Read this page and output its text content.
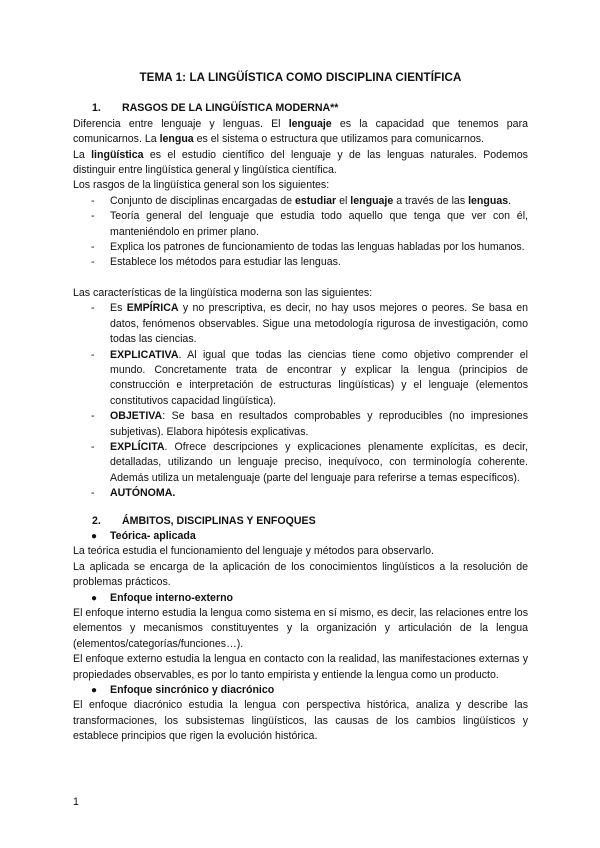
TEMA 1: LA LINGÜÍSTICA COMO DISCIPLINA CIENTÍFICA
1.	RASGOS DE LA LINGÜÍSTICA MODERNA**

Diferencia entre lenguaje y lenguas. El lenguaje es la capacidad que tenemos para comunicarnos. La lengua es el sistema o estructura que utilizamos para comunicarnos.

La lingüística es el estudio científico del lenguaje y de las lenguas naturales. Podemos distinguir entre lingüística general y lingüística científica.

Los rasgos de la lingüística general son los siguientes:

- Conjunto de disciplinas encargadas de estudiar el lenguaje a través de las lenguas.
- Teoría general del lenguaje que estudia todo aquello que tenga que ver con él, manteniéndolo en primer plano.
- Explica los patrones de funcionamiento de todas las lenguas habladas por los humanos.
- Establece los métodos para estudiar las lenguas.

Las características de la lingüística moderna son las siguientes:

- Es EMPÍRICA y no prescriptiva, es decir, no hay usos mejores o peores. Se basa en datos, fenómenos observables. Sigue una metodología rigurosa de investigación, como todas las ciencias.
- EXPLICATIVA. Al igual que todas las ciencias tiene como objetivo comprender el mundo. Concretamente trata de encontrar y explicar la lengua (principios de construcción e interpretación de estructuras lingüísticas) y el lenguaje (elementos constitutivos capacidad lingüística).
- OBJETIVA: Se basa en resultados comprobables y reproducibles (no impresiones subjetivas). Elabora hipótesis explicativas.
- EXPLÍCITA. Ofrece descripciones y explicaciones plenamente explícitas, es decir, detalladas, utilizando un lenguaje preciso, inequívoco, con terminología coherente. Además utiliza un metalenguaje (parte del lenguaje para referirse a temas específicos).
- AUTÓNOMA.
2.	ÁMBITOS, DISCIPLINAS Y ENFOQUES
● Teórica- aplicada

La teórica estudia el funcionamiento del lenguaje y métodos para observarlo.

La aplicada se encarga de la aplicación de los conocimientos lingüísticos a la resolución de problemas prácticos.

● Enfoque interno-externo

El enfoque interno estudia la lengua como sistema en sí mismo, es decir, las relaciones entre los elementos y mecanismos constituyentes y la organización y articulación de la lengua (elementos/categorías/funciones…).

El enfoque externo estudia la lengua en contacto con la realidad, las manifestaciones externas y propiedades observables, es por lo tanto empirista y entiende la lengua como un producto.

● Enfoque sincrónico y diacrónico

El enfoque diacrónico estudia la lengua con perspectiva histórica, analiza y describe las transformaciones, los subsistemas lingüísticos, las causas de los cambios lingüísticos y establece principios que rigen la evolución histórica.

1
